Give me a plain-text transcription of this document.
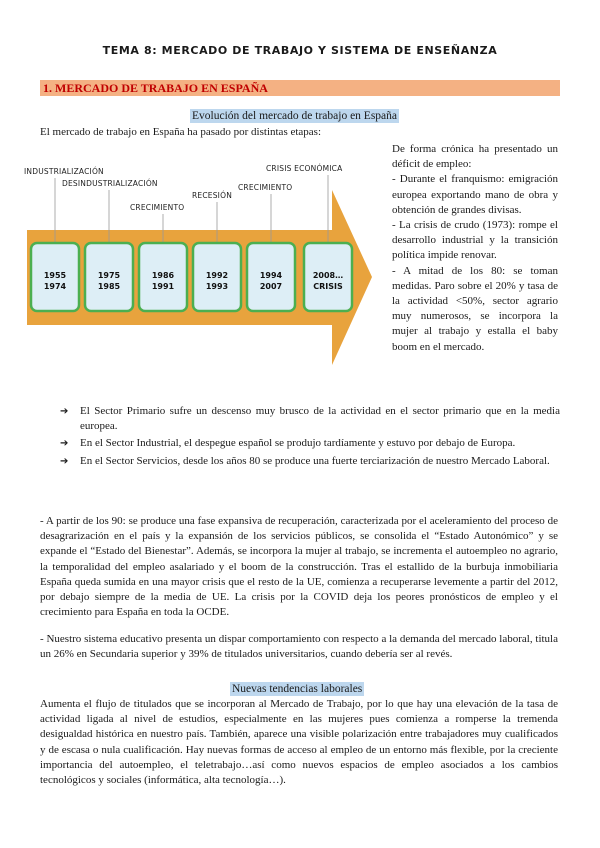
TEMA 8: MERCADO DE TRABAJO Y SISTEMA DE ENSEÑANZA
1. MERCADO DE TRABAJO EN ESPAÑA
Evolución del mercado de trabajo en España
El mercado de trabajo en España ha pasado por distintas etapas:
INDUSTRIALIZACIÓN
DESINDUSTRIALIZACIÓN
CRECIMIENTO
RECESIÓN
CRECIMIENTO
CRISIS ECONÓMICA
1955
1974
1975
1985
1986
1991
1992
1993
1994
2007
2008…
CRISIS
De forma crónica ha presentado un déficit de empleo:
- Durante el franquismo: emigración europea exportando mano de obra y obtención de grandes divisas.
- La crisis de crudo (1973): rompe el desarrollo industrial y la transición política impide renovar.
- A mitad de los 80: se toman medidas. Paro sobre el 20% y tasa de la actividad <50%, sector agrario muy numerosos, se incorpora la mujer al trabajo y estalla el baby boom en el mercado.
➔ El Sector Primario sufre un descenso muy brusco de la actividad en el sector primario que en la media europea.
➔ En el Sector Industrial, el despegue español se produjo tardíamente y estuvo por debajo de Europa.
➔ En el Sector Servicios, desde los años 80 se produce una fuerte terciarización de nuestro Mercado Laboral.
- A partir de los 90: se produce una fase expansiva de recuperación, caracterizada por el aceleramiento del proceso de desagrarización en el país y la expansión de los servicios públicos, se consolida el “Estado Autonómico” y se expande el “Estado del Bienestar”. Además, se incorpora la mujer al trabajo, se incrementa el autoempleo no agrario, la temporalidad del empleo asalariado y el boom de la construcción. Tras el estallido de la burbuja inmobiliaria España queda sumida en una mayor crisis que el resto de la UE, comienza a recuperarse levemente a partir del 2012, por debajo siempre de la media de UE. La crisis por la COVID deja los peores pronósticos de empleo y el crecimiento para España en toda la OCDE.
- Nuestro sistema educativo presenta un dispar comportamiento con respecto a la demanda del mercado laboral, titula un 26% en Secundaria superior y 39% de titulados universitarios, cuando debería ser al revés.
Nuevas tendencias laborales
Aumenta el flujo de titulados que se incorporan al Mercado de Trabajo, por lo que hay una elevación de la tasa de actividad ligada al nivel de estudios, especialmente en las mujeres pues comienza a romperse la tremenda desigualdad histórica en nuestro país. También, aparece una visible polarización entre trabajadores muy cualificados y de escasa o nula cualificación. Hay nuevas formas de acceso al empleo de un entorno más flexible, por la creciente importancia del autoempleo, el teletrabajo…así como nuevos espacios de empleo asociados a los cambios tecnológicos y sociales (informática, alta tecnología…).
